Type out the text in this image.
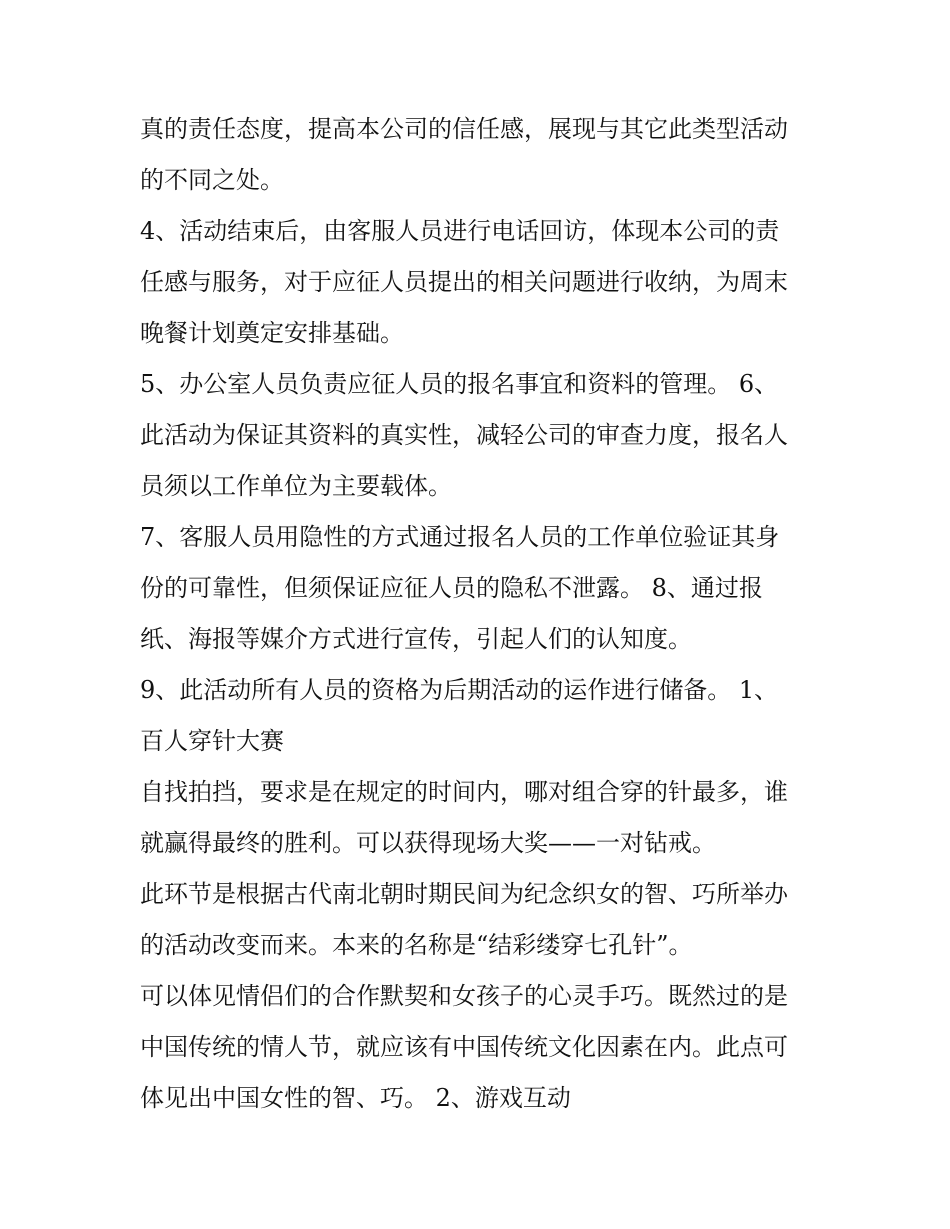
真的责任态度，提高本公司的信任感，展现与其它此类型活动
的不同之处。

4、活动结束后，由客服人员进行电话回访，体现本公司的责
任感与服务，对于应征人员提出的相关问题进行收纳，为周末
晚餐计划奠定安排基础。

5、办公室人员负责应征人员的报名事宜和资料的管理。 6、
此活动为保证其资料的真实性，减轻公司的审查力度，报名人
员须以工作单位为主要载体。

7、客服人员用隐性的方式通过报名人员的工作单位验证其身
份的可靠性，但须保证应征人员的隐私不泄露。 8、通过报
纸、海报等媒介方式进行宣传，引起人们的认知度。

9、此活动所有人员的资格为后期活动的运作进行储备。 1、
百人穿针大赛

自找拍挡，要求是在规定的时间内，哪对组合穿的针最多，谁
就赢得最终的胜利。可以获得现场大奖——一对钻戒。

此环节是根据古代南北朝时期民间为纪念织女的智、巧所举办
的活动改变而来。本来的名称是“结彩缕穿七孔针”。

可以体见情侣们的合作默契和女孩子的心灵手巧。既然过的是
中国传统的情人节，就应该有中国传统文化因素在内。此点可
体见出中国女性的智、巧。 2、游戏互动
